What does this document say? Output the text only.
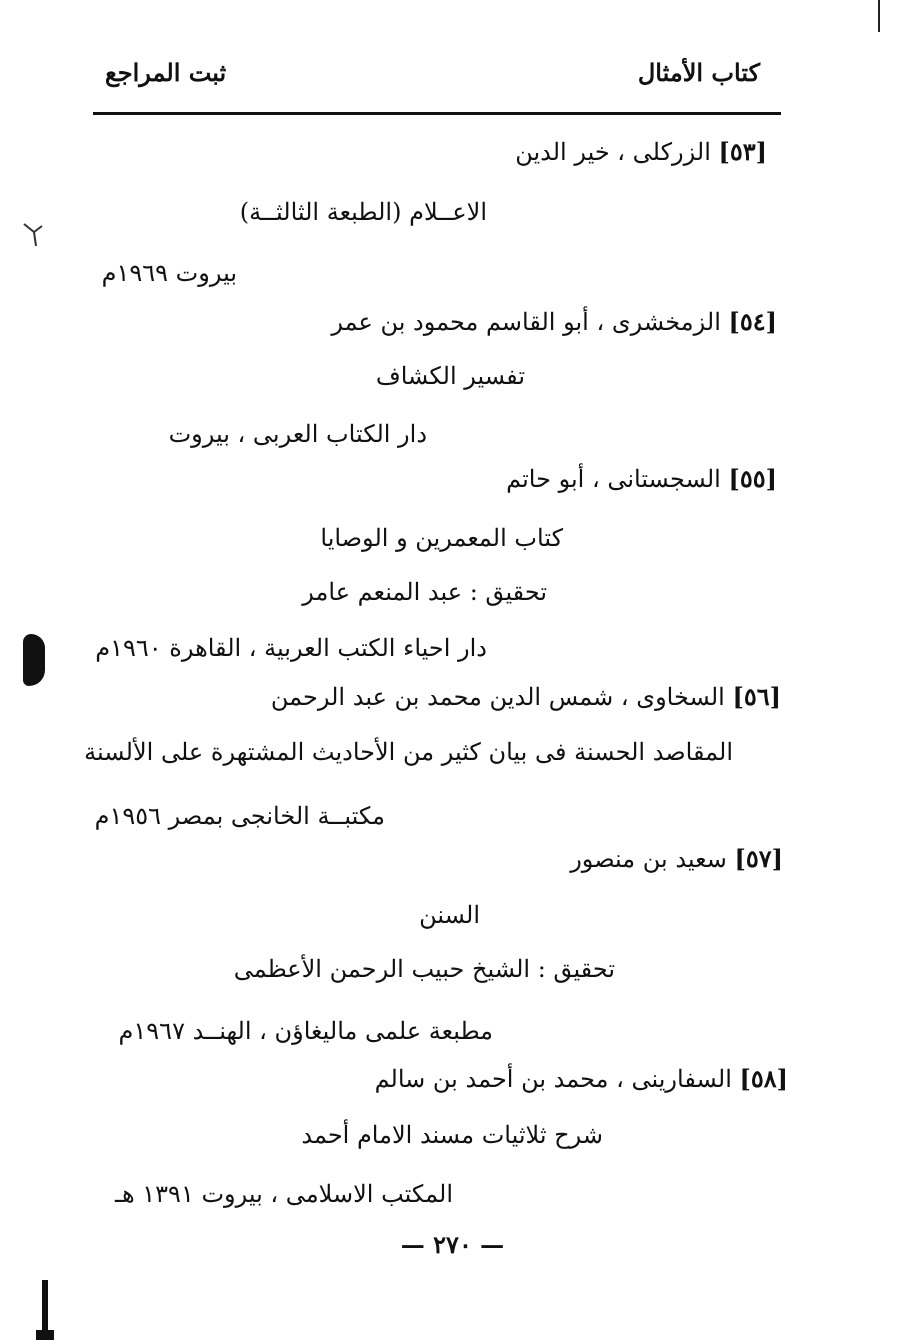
كتاب الأمثال
ثبت المراجع
[٥٣] الزركلى ، خير الدين
الاعــلام (الطبعة الثالثــة)
بيروت ١٩٦٩م
[٥٤] الزمخشرى ، أبو القاسم محمود بن عمر
تفسير الكشاف
دار الكتاب العربى ، بيروت
[٥٥] السجستانى ، أبو حاتم
كتاب المعمرين و الوصايا
تحقيق : عبد المنعم عامر
دار احياء الكتب العربية ، القاهرة ١٩٦٠م
[٥٦] السخاوى ، شمس الدين محمد بن عبد الرحمن
المقاصد الحسنة فى بيان كثير من الأحاديث المشتهرة على الألسنة
مكتبــة الخانجى بمصر ١٩٥٦م
[٥٧] سعيد بن منصور
السنن
تحقيق : الشيخ حبيب الرحمن الأعظمى
مطبعة علمى ماليغاؤن ، الهنــد ١٩٦٧م
[٥٨] السفارينى ، محمد بن أحمد بن سالم
شرح ثلاثيات مسند الامام أحمد
المكتب الاسلامى ، بيروت ١٣٩١ هـ
— ٢٧٠ —
